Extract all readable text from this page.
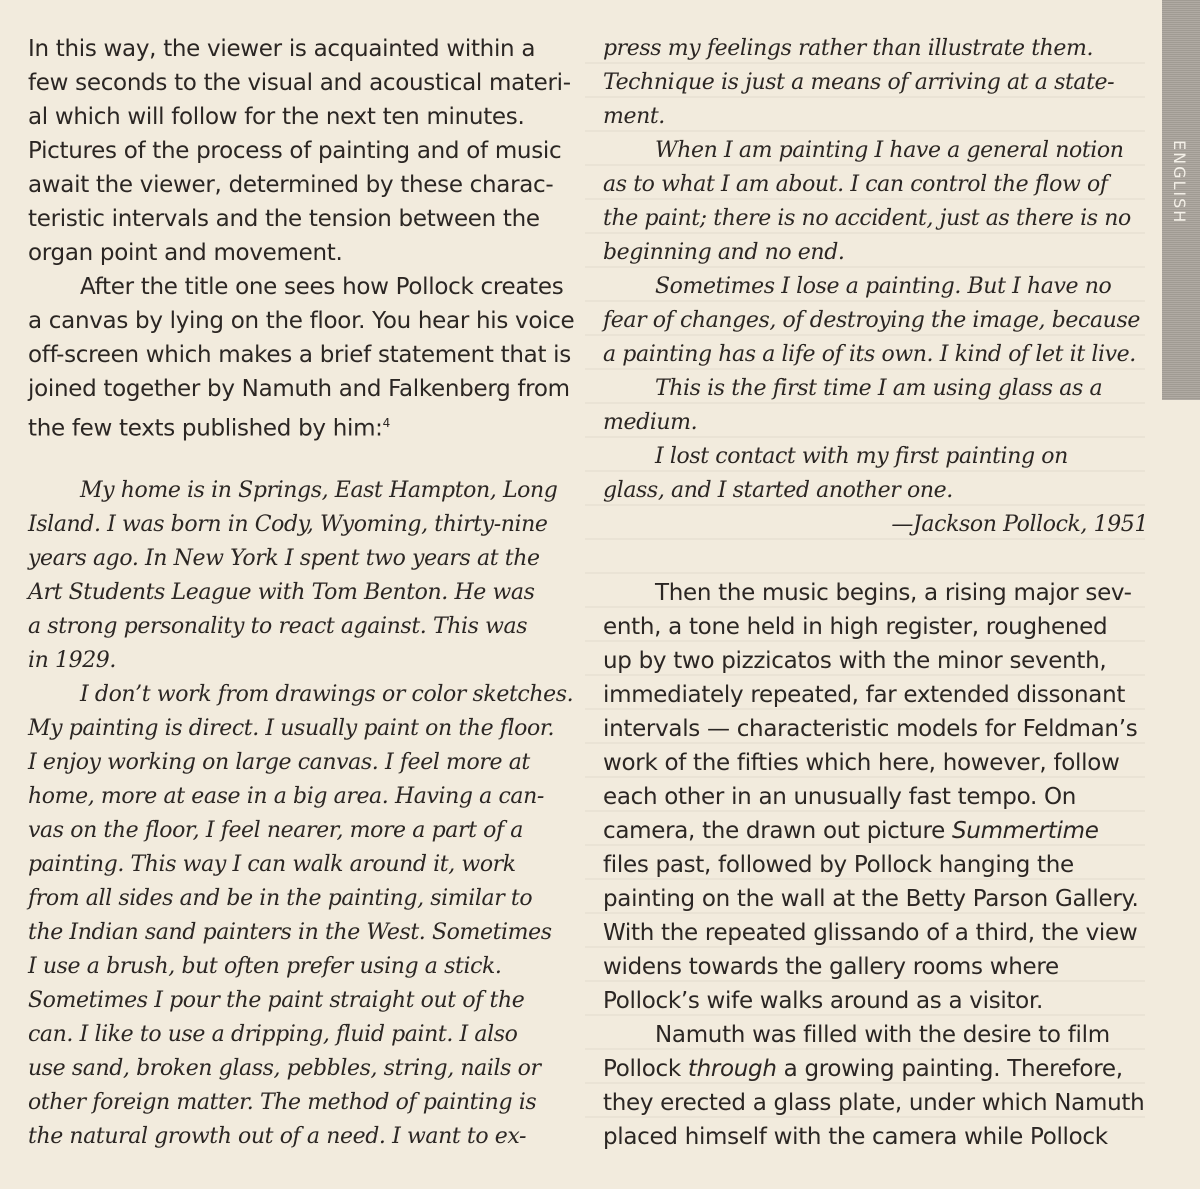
ENGLISH
In this way, the viewer is acquainted within a
few seconds to the visual and acoustical materi-
al which will follow for the next ten minutes.
Pictures of the process of painting and of music
await the viewer, determined by these charac-
teristic intervals and the tension between the
organ point and movement.
After the title one sees how Pollock creates
a canvas by lying on the floor. You hear his voice
off-screen which makes a brief statement that is
joined together by Namuth and Falkenberg from
the few texts published by him:$^4$
My home is in Springs, East Hampton, Long
Island. I was born in Cody, Wyoming, thirty-nine
years ago. In New York I spent two years at the
Art Students League with Tom Benton. He was
a strong personality to react against. This was
in 1929.
I don’t work from drawings or color sketches.
My painting is direct. I usually paint on the floor.
I enjoy working on large canvas. I feel more at
home, more at ease in a big area. Having a can-
vas on the floor, I feel nearer, more a part of a
painting. This way I can walk around it, work
from all sides and be in the painting, similar to
the Indian sand painters in the West. Sometimes
I use a brush, but often prefer using a stick.
Sometimes I pour the paint straight out of the
can. I like to use a dripping, fluid paint. I also
use sand, broken glass, pebbles, string, nails or
other foreign matter. The method of painting is
the natural growth out of a need. I want to ex-
press my feelings rather than illustrate them.
Technique is just a means of arriving at a state-
ment.
When I am painting I have a general notion
as to what I am about. I can control the flow of
the paint; there is no accident, just as there is no
beginning and no end.
Sometimes I lose a painting. But I have no
fear of changes, of destroying the image, because
a painting has a life of its own. I kind of let it live.
This is the first time I am using glass as a
medium.
I lost contact with my first painting on
glass, and I started another one.
—Jackson Pollock, 1951
Then the music begins, a rising major sev-
enth, a tone held in high register, roughened
up by two pizzicatos with the minor seventh,
immediately repeated, far extended dissonant
intervals — characteristic models for Feldman’s
work of the fifties which here, however, follow
each other in an unusually fast tempo. On
camera, the drawn out picture Summertime
files past, followed by Pollock hanging the
painting on the wall at the Betty Parson Gallery.
With the repeated glissando of a third, the view
widens towards the gallery rooms where
Pollock’s wife walks around as a visitor.
Namuth was filled with the desire to film
Pollock through a growing painting. Therefore,
they erected a glass plate, under which Namuth
placed himself with the camera while Pollock
